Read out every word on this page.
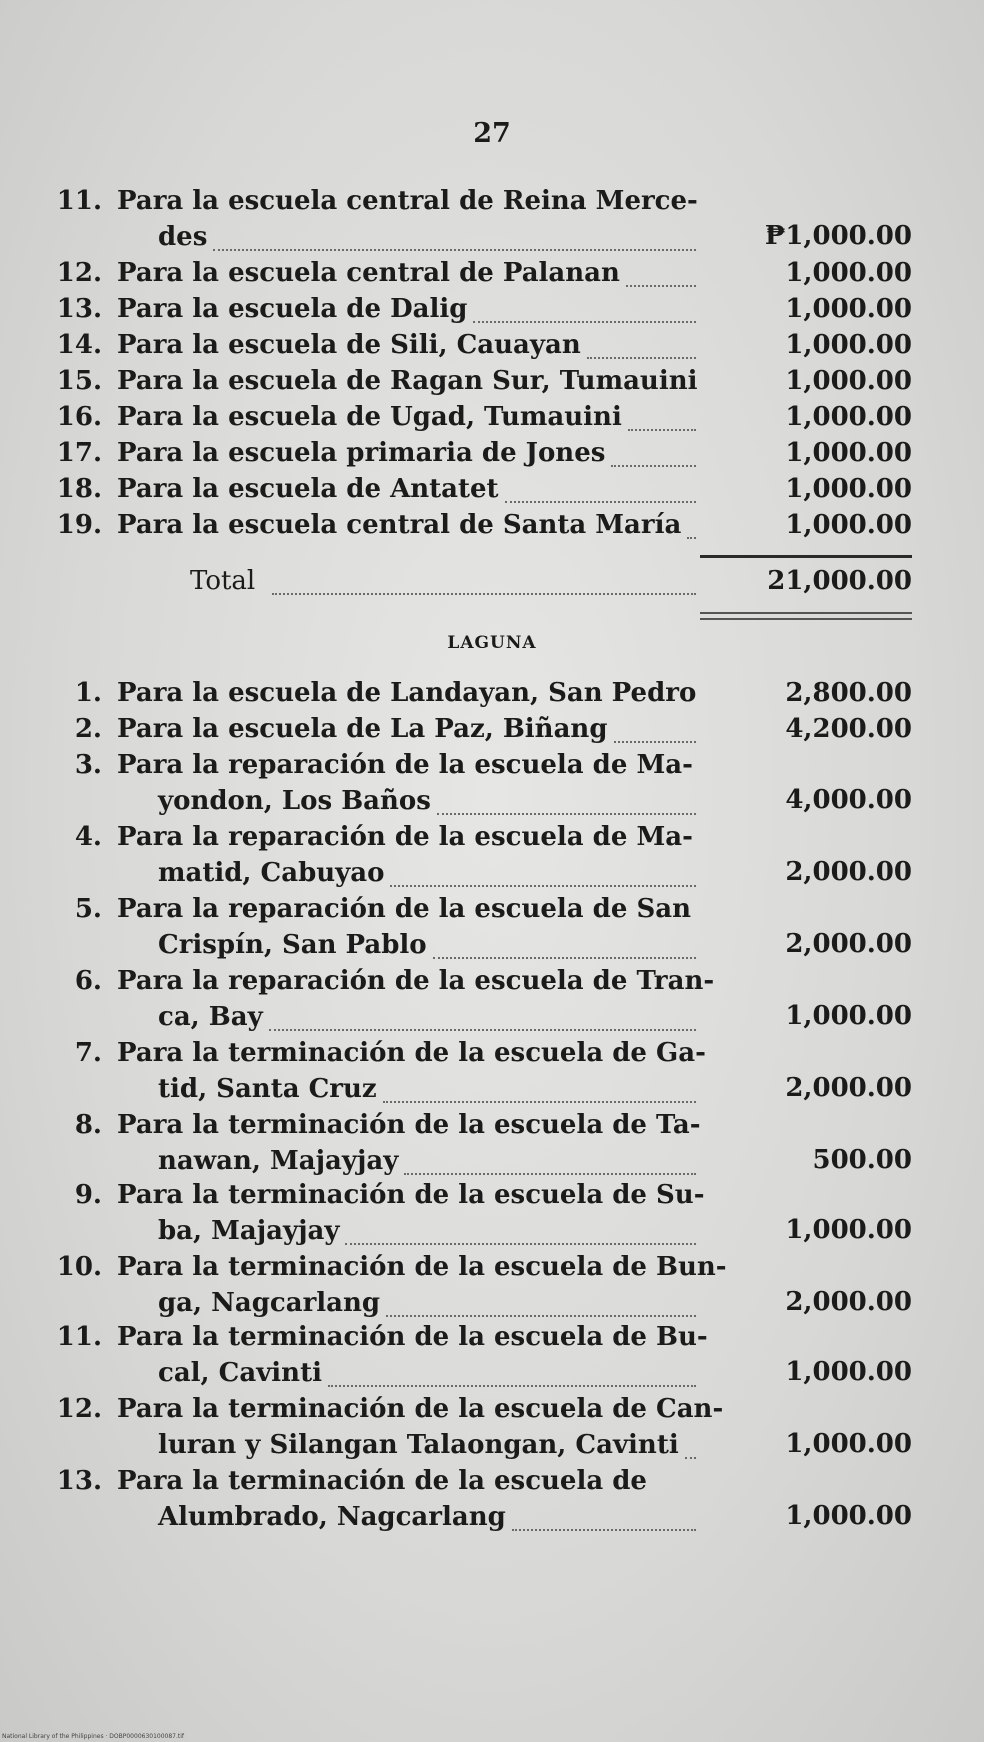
27
11. Para la escuela central de Reina Merce-
des	₱1,000.00
12. Para la escuela central de Palanan	1,000.00
13. Para la escuela de Dalig	1,000.00
14. Para la escuela de Sili, Cauayan	1,000.00
15. Para la escuela de Ragan Sur, Tumauini	1,000.00
16. Para la escuela de Ugad, Tumauini	1,000.00
17. Para la escuela primaria de Jones	1,000.00
18. Para la escuela de Antatet	1,000.00
19. Para la escuela central de Santa María	1,000.00
Total	21,000.00
LAGUNA
1. Para la escuela de Landayan, San Pedro	2,800.00
2. Para la escuela de La Paz, Biñang	4,200.00
3. Para la reparación de la escuela de Ma-
yondon, Los Baños	4,000.00
4. Para la reparación de la escuela de Ma-
matid, Cabuyao	2,000.00
5. Para la reparación de la escuela de San
Crispín, San Pablo	2,000.00
6. Para la reparación de la escuela de Tran-
ca, Bay	1,000.00
7. Para la terminación de la escuela de Ga-
tid, Santa Cruz	2,000.00
8. Para la terminación de la escuela de Ta-
nawan, Majayjay	500.00
9. Para la terminación de la escuela de Su-
ba, Majayjay	1,000.00
10. Para la terminación de la escuela de Bun-
ga, Nagcarlang	2,000.00
11. Para la terminación de la escuela de Bu-
cal, Cavinti	1,000.00
12. Para la terminación de la escuela de Can-
luran y Silangan Talaongan, Cavinti	1,000.00
13. Para la terminación de la escuela de
Alumbrado, Nagcarlang	1,000.00
National Library of the Philippines · DOBP0000630100087.tif
